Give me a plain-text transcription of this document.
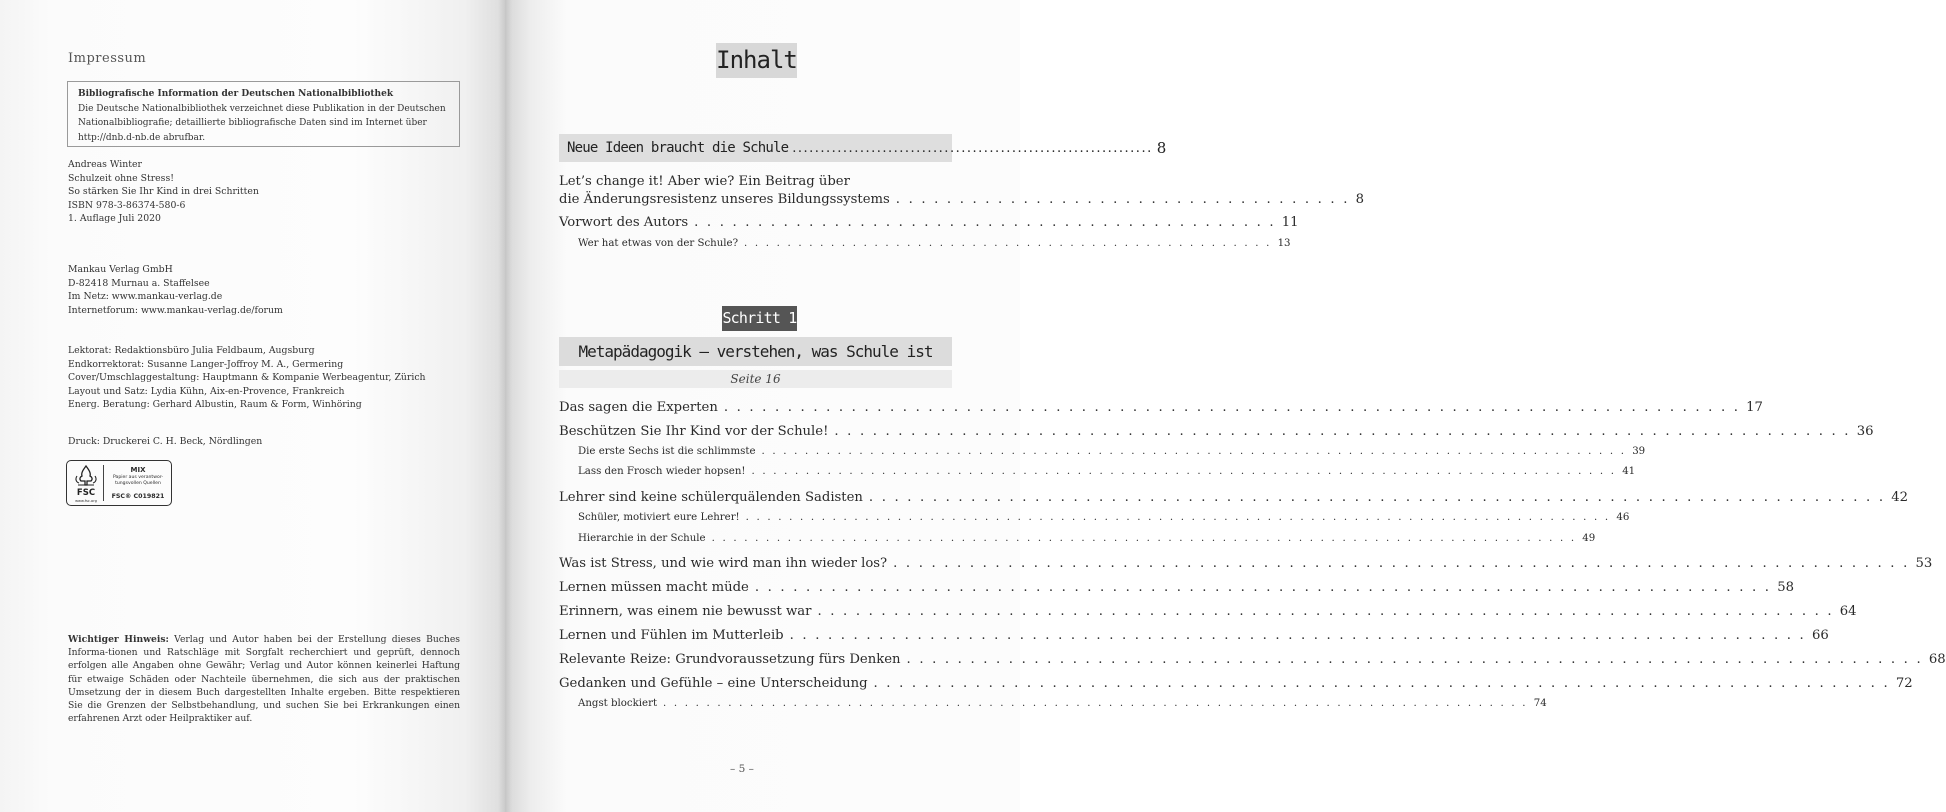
Impressum
Bibliografische Information der Deutschen Nationalbibliothek
Die Deutsche Nationalbibliothek verzeichnet diese Publikation in der Deutschen
Nationalbibliografie; detaillierte bibliografische Daten sind im Internet über
http://dnb.d-nb.de abrufbar.
Andreas Winter
Schulzeit ohne Stress!
So stärken Sie Ihr Kind in drei Schritten
ISBN 978-3-86374-580-6
1. Auflage Juli 2020
Mankau Verlag GmbH
D-82418 Murnau a. Staffelsee
Im Netz: www.mankau-verlag.de
Internetforum: www.mankau-verlag.de/forum
Lektorat: Redaktionsbüro Julia Feldbaum, Augsburg
Endkorrektorat: Susanne Langer-Joffroy M. A., Germering
Cover/Umschlaggestaltung: Hauptmann & Kompanie Werbeagentur, Zürich
Layout und Satz: Lydia Kühn, Aix-en-Provence, Frankreich
Energ. Beratung: Gerhard Albustin, Raum & Form, Winhöring
Druck: Druckerei C. H. Beck, Nördlingen
FSC
www.fsc.org
MIX
Papier aus verantwor-
tungsvollen Quellen
FSC® C019821
Wichtiger Hinweis: Verlag und Autor haben bei der Erstellung dieses Buches Informa-tionen und Ratschläge mit Sorgfalt recherchiert und geprüft, dennoch erfolgen alle Angaben ohne Gewähr; Verlag und Autor können keinerlei Haftung für etwaige Schäden oder Nachteile übernehmen, die sich aus der praktischen Umsetzung der in diesem Buch dargestellten Inhalte ergeben. Bitte respektieren Sie die Grenzen der Selbstbehandlung, und suchen Sie bei Erkrankungen einen erfahrenen Arzt oder Heilpraktiker auf.
Inhalt
Neue Ideen braucht die Schule ................................................................ 8
Let’s change it! Aber wie? Ein Beitrag über
die Änderungsresistenz unseres Bildungssystems . . . . . . . . . . . . . . . . . . . . . . . . . . . . . . . . . . . . 8
Vorwort des Autors . . . . . . . . . . . . . . . . . . . . . . . . . . . . . . . . . . . . . . . . . . . . . . 11
Wer hat etwas von der Schule? . . . . . . . . . . . . . . . . . . . . . . . . . . . . . . . . . . . . . . . . . . . . . . . . . 13
Schritt 1
Metapädagogik – verstehen, was Schule ist
Seite 16
Das sagen die Experten . . . . . . . . . . . . . . . . . . . . . . . . . . . . . . . . . . . . . . . . . . . . . . . . . . . . . . . . . . . . . . . . . . . . . . . . . . . . . . . . 17
Beschützen Sie Ihr Kind vor der Schule! . . . . . . . . . . . . . . . . . . . . . . . . . . . . . . . . . . . . . . . . . . . . . . . . . . . . . . . . . . . . . . . . . . . . . . . . . . . . . . . . 36
Die erste Sechs ist die schlimmste . . . . . . . . . . . . . . . . . . . . . . . . . . . . . . . . . . . . . . . . . . . . . . . . . . . . . . . . . . . . . . . . . . . . . . . . . . . . . . . . 39
Lass den Frosch wieder hopsen! . . . . . . . . . . . . . . . . . . . . . . . . . . . . . . . . . . . . . . . . . . . . . . . . . . . . . . . . . . . . . . . . . . . . . . . . . . . . . . . . 41
Lehrer sind keine schülerquälenden Sadisten . . . . . . . . . . . . . . . . . . . . . . . . . . . . . . . . . . . . . . . . . . . . . . . . . . . . . . . . . . . . . . . . . . . . . . . . . . . . . . . . 42
Schüler, motiviert eure Lehrer! . . . . . . . . . . . . . . . . . . . . . . . . . . . . . . . . . . . . . . . . . . . . . . . . . . . . . . . . . . . . . . . . . . . . . . . . . . . . . . . . 46
Hierarchie in der Schule . . . . . . . . . . . . . . . . . . . . . . . . . . . . . . . . . . . . . . . . . . . . . . . . . . . . . . . . . . . . . . . . . . . . . . . . . . . . . . . . 49
Was ist Stress, und wie wird man ihn wieder los? . . . . . . . . . . . . . . . . . . . . . . . . . . . . . . . . . . . . . . . . . . . . . . . . . . . . . . . . . . . . . . . . . . . . . . . . . . . . . . . . 53
Lernen müssen macht müde . . . . . . . . . . . . . . . . . . . . . . . . . . . . . . . . . . . . . . . . . . . . . . . . . . . . . . . . . . . . . . . . . . . . . . . . . . . . . . . . 58
Erinnern, was einem nie bewusst war . . . . . . . . . . . . . . . . . . . . . . . . . . . . . . . . . . . . . . . . . . . . . . . . . . . . . . . . . . . . . . . . . . . . . . . . . . . . . . . . 64
Lernen und Fühlen im Mutterleib . . . . . . . . . . . . . . . . . . . . . . . . . . . . . . . . . . . . . . . . . . . . . . . . . . . . . . . . . . . . . . . . . . . . . . . . . . . . . . . . 66
Relevante Reize: Grundvoraussetzung fürs Denken . . . . . . . . . . . . . . . . . . . . . . . . . . . . . . . . . . . . . . . . . . . . . . . . . . . . . . . . . . . . . . . . . . . . . . . . . . . . . . . . 68
Gedanken und Gefühle – eine Unterscheidung . . . . . . . . . . . . . . . . . . . . . . . . . . . . . . . . . . . . . . . . . . . . . . . . . . . . . . . . . . . . . . . . . . . . . . . . . . . . . . . . 72
Angst blockiert . . . . . . . . . . . . . . . . . . . . . . . . . . . . . . . . . . . . . . . . . . . . . . . . . . . . . . . . . . . . . . . . . . . . . . . . . . . . . . . . 74
– 5 –
